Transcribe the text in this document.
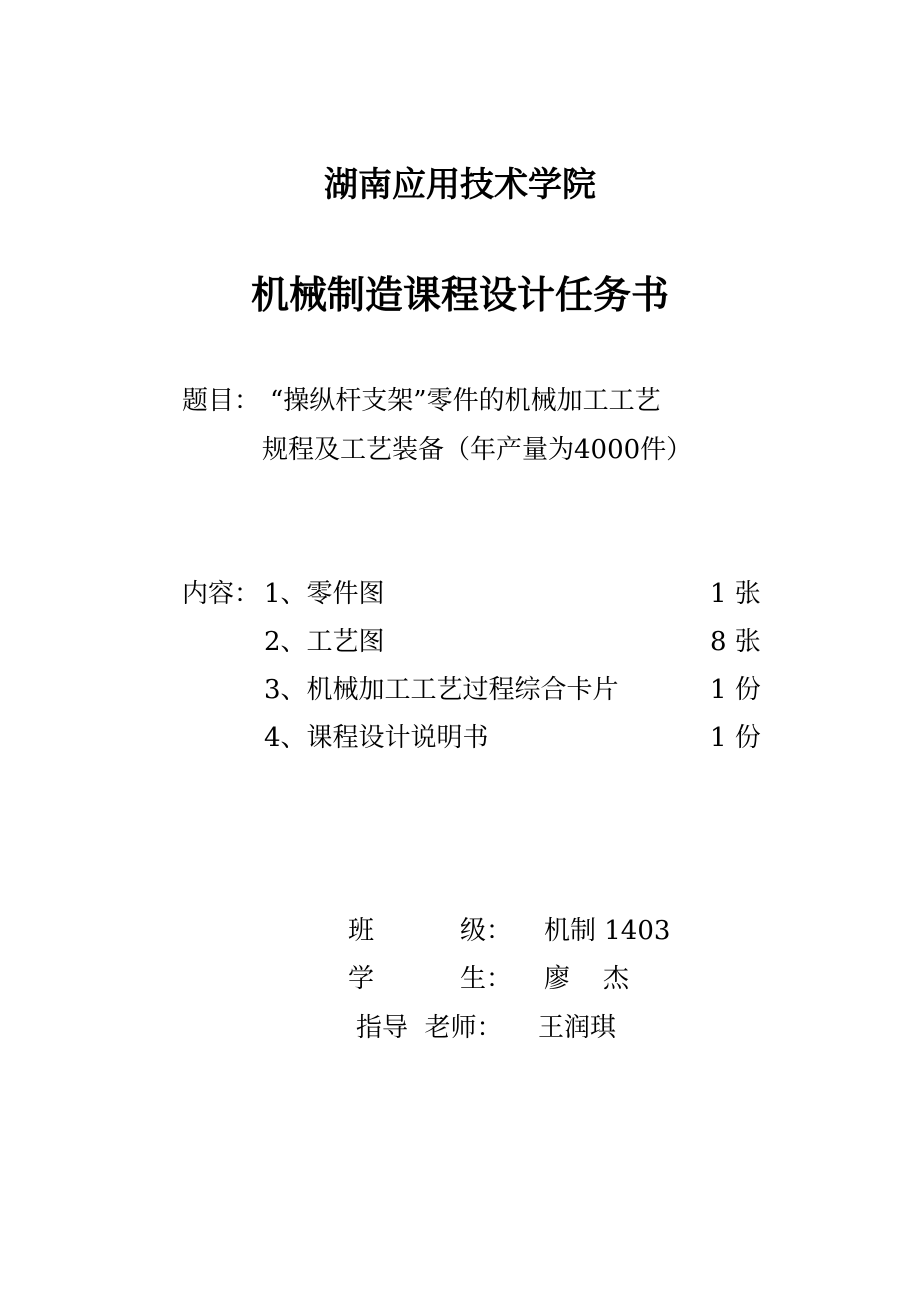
湖南应用技术学院
机械制造课程设计任务书
题目： “操纵杆支架”零件的机械加工工艺
规程及工艺装备（年产量为4000件）
内容： 1、零件图	1 张
2、工艺图	8 张
3、机械加工工艺过程综合卡片	1 份
4、课程设计说明书	1 份
班	级： 机制 1403
学	生： 廖    杰
指导  老师： 王润琪
